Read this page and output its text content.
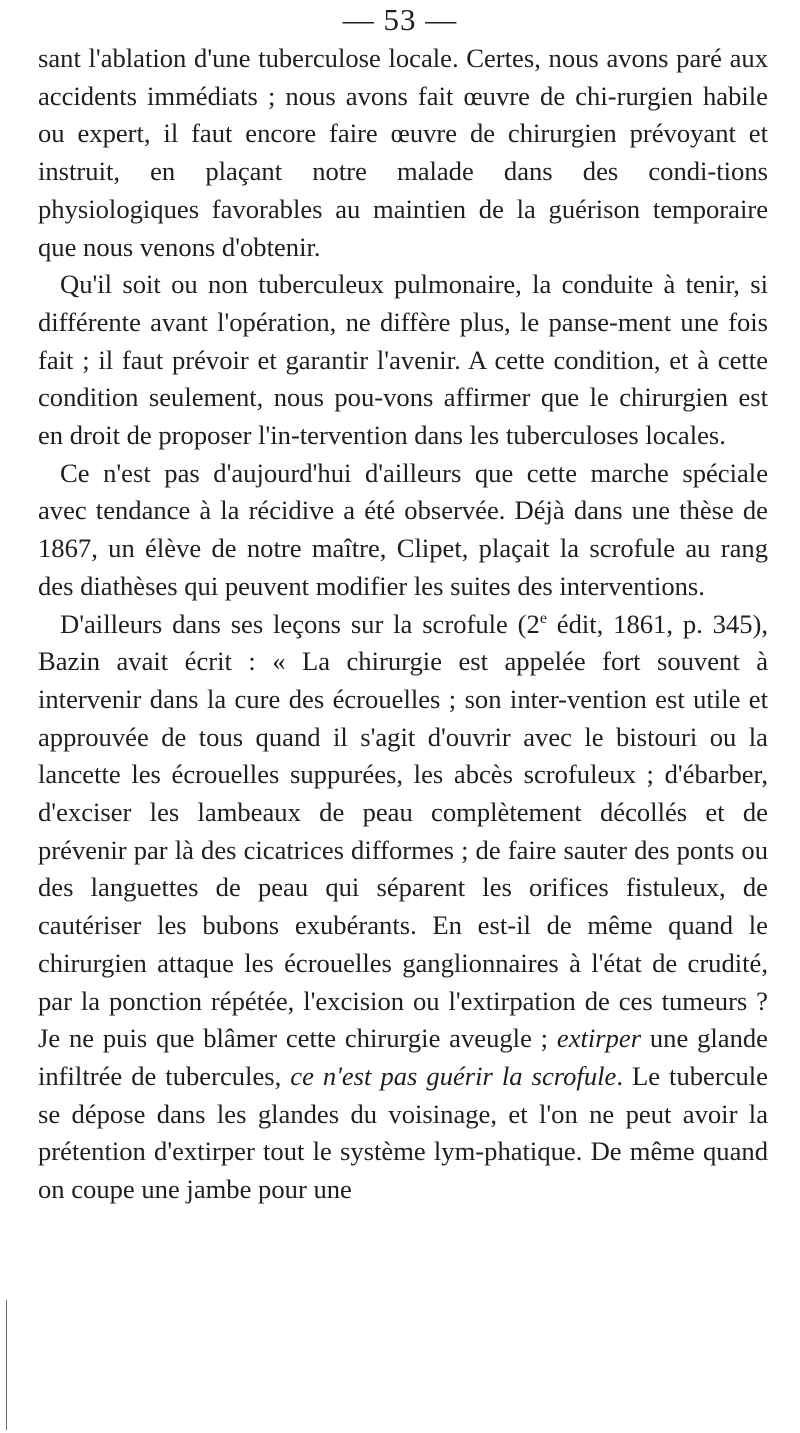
— 53 —

sant l'ablation d'une tuberculose locale. Certes, nous avons paré aux accidents immédiats ; nous avons fait œuvre de chi-rurgien habile ou expert, il faut encore faire œuvre de chirurgien prévoyant et instruit, en plaçant notre malade dans des condi-tions physiologiques favorables au maintien de la guérison temporaire que nous venons d'obtenir.

Qu'il soit ou non tuberculeux pulmonaire, la conduite à tenir, si différente avant l'opération, ne diffère plus, le panse-ment une fois fait ; il faut prévoir et garantir l'avenir. A cette condition, et à cette condition seulement, nous pou-vons affirmer que le chirurgien est en droit de proposer l'in-tervention dans les tuberculoses locales.

Ce n'est pas d'aujourd'hui d'ailleurs que cette marche spéciale avec tendance à la récidive a été observée. Déjà dans une thèse de 1867, un élève de notre maître, Clipet, plaçait la scrofule au rang des diathèses qui peuvent modifier les suites des interventions.

D'ailleurs dans ses leçons sur la scrofule (2e édit, 1861, p. 345), Bazin avait écrit : « La chirurgie est appelée fort souvent à intervenir dans la cure des écrouelles ; son inter-vention est utile et approuvée de tous quand il s'agit d'ouvrir avec le bistouri ou la lancette les écrouelles suppurées, les abcès scrofuleux ; d'ébarber, d'exciser les lambeaux de peau complètement décollés et de prévenir par là des cicatrices difformes ; de faire sauter des ponts ou des languettes de peau qui séparent les orifices fistuleux, de cautériser les bubons exubérants. En est-il de même quand le chirurgien attaque les écrouelles ganglionnaires à l'état de crudité, par la ponction répétée, l'excision ou l'extirpation de ces tumeurs ? Je ne puis que blâmer cette chirurgie aveugle ; extirper une glande infiltrée de tubercules, ce n'est pas guérir la scrofule. Le tubercule se dépose dans les glandes du voisinage, et l'on ne peut avoir la prétention d'extirper tout le système lym-phatique. De même quand on coupe une jambe pour une
